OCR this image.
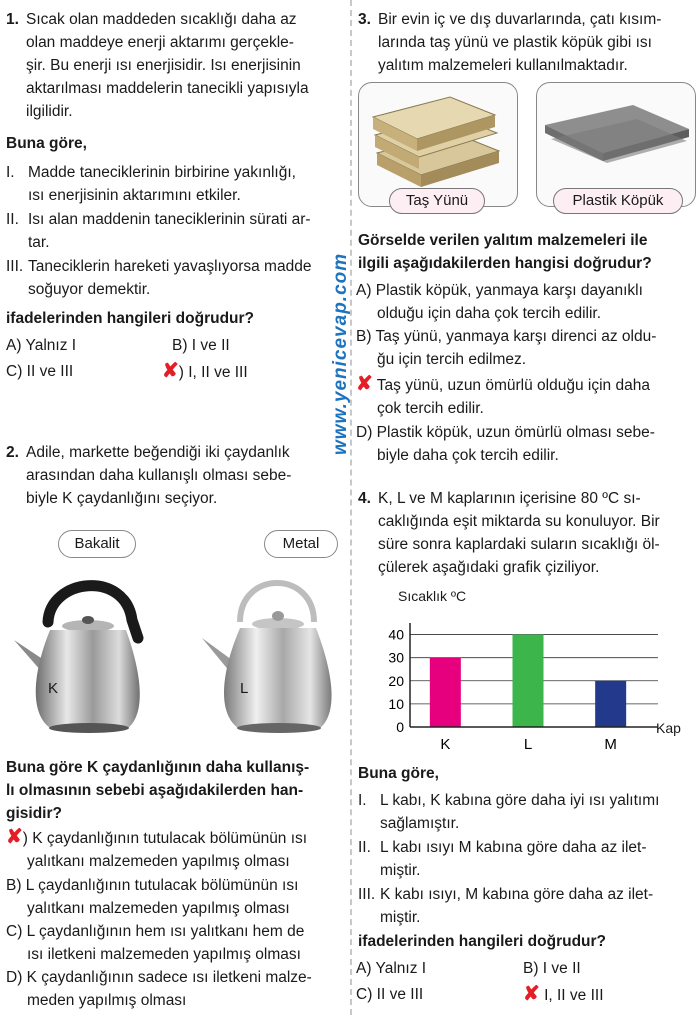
www.yenicevap.com
1. Sıcak olan maddeden sıcaklığı daha az
olan maddeye enerji aktarımı gerçekle-
şir. Bu enerji ısı enerjisidir. Isı enerjisinin
aktarılması maddelerin tanecikli yapısıyla
ilgilidir.
Buna göre,
I. Madde taneciklerinin birbirine yakınlığı,
ısı enerjisinin aktarımını etkiler.
II. Isı alan maddenin taneciklerinin sürati ar-
tar.
III. Taneciklerin hareketi yavaşlıyorsa madde
soğuyor demektir.
ifadelerinden hangileri doğrudur?
A) Yalnız I	B) I ve II
C) II ve III	✘) I, II ve III
2. Adile, markette beğendiği iki çaydanlık
arasından daha kullanışlı olması sebe-
biyle K çaydanlığını seçiyor.
Bakalit	Metal
K	L
Buna göre K çaydanlığının daha kullanış-
lı olmasının sebebi aşağıdakilerden han-
gisidir?
✘) K çaydanlığının tutulacak bölümünün ısı
yalıtkanı malzemeden yapılmış olması
B) L çaydanlığının tutulacak bölümünün ısı
yalıtkanı malzemeden yapılmış olması
C) L çaydanlığının hem ısı yalıtkanı hem de
ısı iletkeni malzemeden yapılmış olması
D) K çaydanlığının sadece ısı iletkeni malze-
meden yapılmış olması
3. Bir evin iç ve dış duvarlarında, çatı kısım-
larında taş yünü ve plastik köpük gibi ısı
yalıtım malzemeleri kullanılmaktadır.
Taş Yünü	Plastik Köpük
Görselde verilen yalıtım malzemeleri ile
ilgili aşağıdakilerden hangisi doğrudur?
A) Plastik köpük, yanmaya karşı dayanıklı
olduğu için daha çok tercih edilir.
B) Taş yünü, yanmaya karşı direnci az oldu-
ğu için tercih edilmez.
✘ Taş yünü, uzun ömürlü olduğu için daha
çok tercih edilir.
D) Plastik köpük, uzun ömürlü olması sebe-
biyle daha çok tercih edilir.
4. K, L ve M kaplarının içerisine 80 ºC sı-
caklığında eşit miktarda su konuluyor. Bir
süre sonra kaplardaki suların sıcaklığı öl-
çülerek aşağıdaki grafik çiziliyor.
Sıcaklık ºC
Kap
0
10
20
30
40
K	L	M
Buna göre,
I. L kabı, K kabına göre daha iyi ısı yalıtımı
sağlamıştır.
II. L kabı ısıyı M kabına göre daha az ilet-
miştir.
III. K kabı ısıyı, M kabına göre daha az ilet-
miştir.
ifadelerinden hangileri doğrudur?
A) Yalnız I	B) I ve II
C) II ve III	✘ I, II ve III
